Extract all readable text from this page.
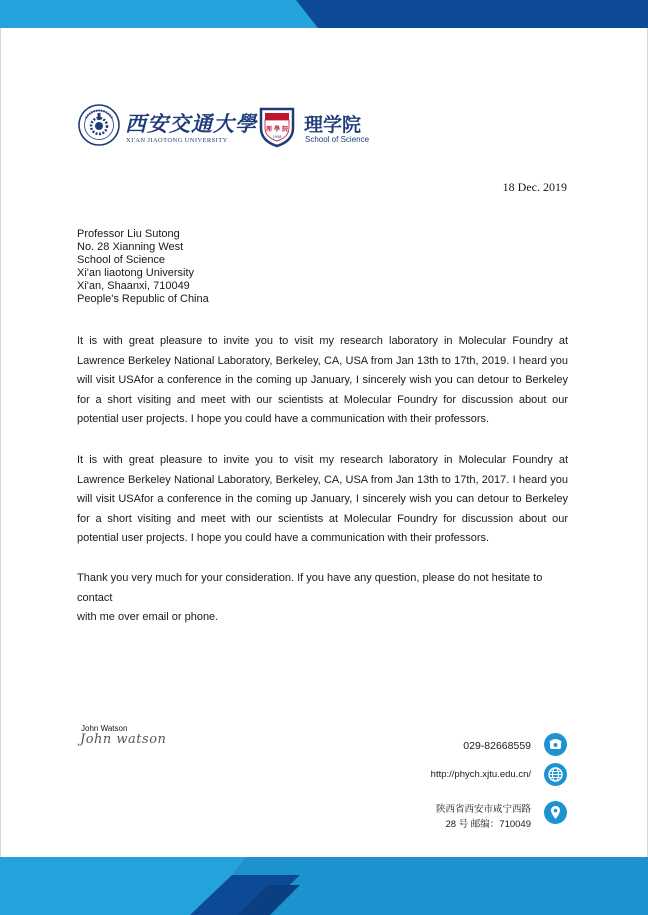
西安交通大學
XI'AN JIAOTONG UNIVERSITY
理 學 院
1958
理学院
School of Science
18 Dec. 2019
Professor Liu Sutong
No. 28 Xianning West
School of Science
Xi'an liaotong University
Xi'an, Shaanxi, 710049
People's Republic of China

It is with great pleasure to invite you to visit my research laboratory in Molecular Foundry at Lawrence Berkeley National Laboratory, Berkeley, CA, USA from Jan 13th to 17th, 2019. I heard you will visit USAfor a conference in the coming up January, I sincerely wish you can detour to Berkeley for a short visiting and meet with our scientists at Molecular Foundry for discussion about our potential user projects. I hope you could have a communication with their professors.

It is with great pleasure to invite you to visit my research laboratory in Molecular Foundry at Lawrence Berkeley National Laboratory, Berkeley, CA, USA from Jan 13th to 17th, 2017. I heard you will visit USAfor a conference in the coming up January, I sincerely wish you can detour to Berkeley for a short visiting and meet with our scientists at Molecular Foundry for discussion about our potential user projects. I hope you could have a communication with their professors.

Thank you very much for your consideration. If you have any question, please do not hesitate to
contact
with me over email or phone.
John Watson
John watson	029-82668559
http://phych.xjtu.edu.cn/
陕西省西安市咸宁西路
28 号 邮编：710049
